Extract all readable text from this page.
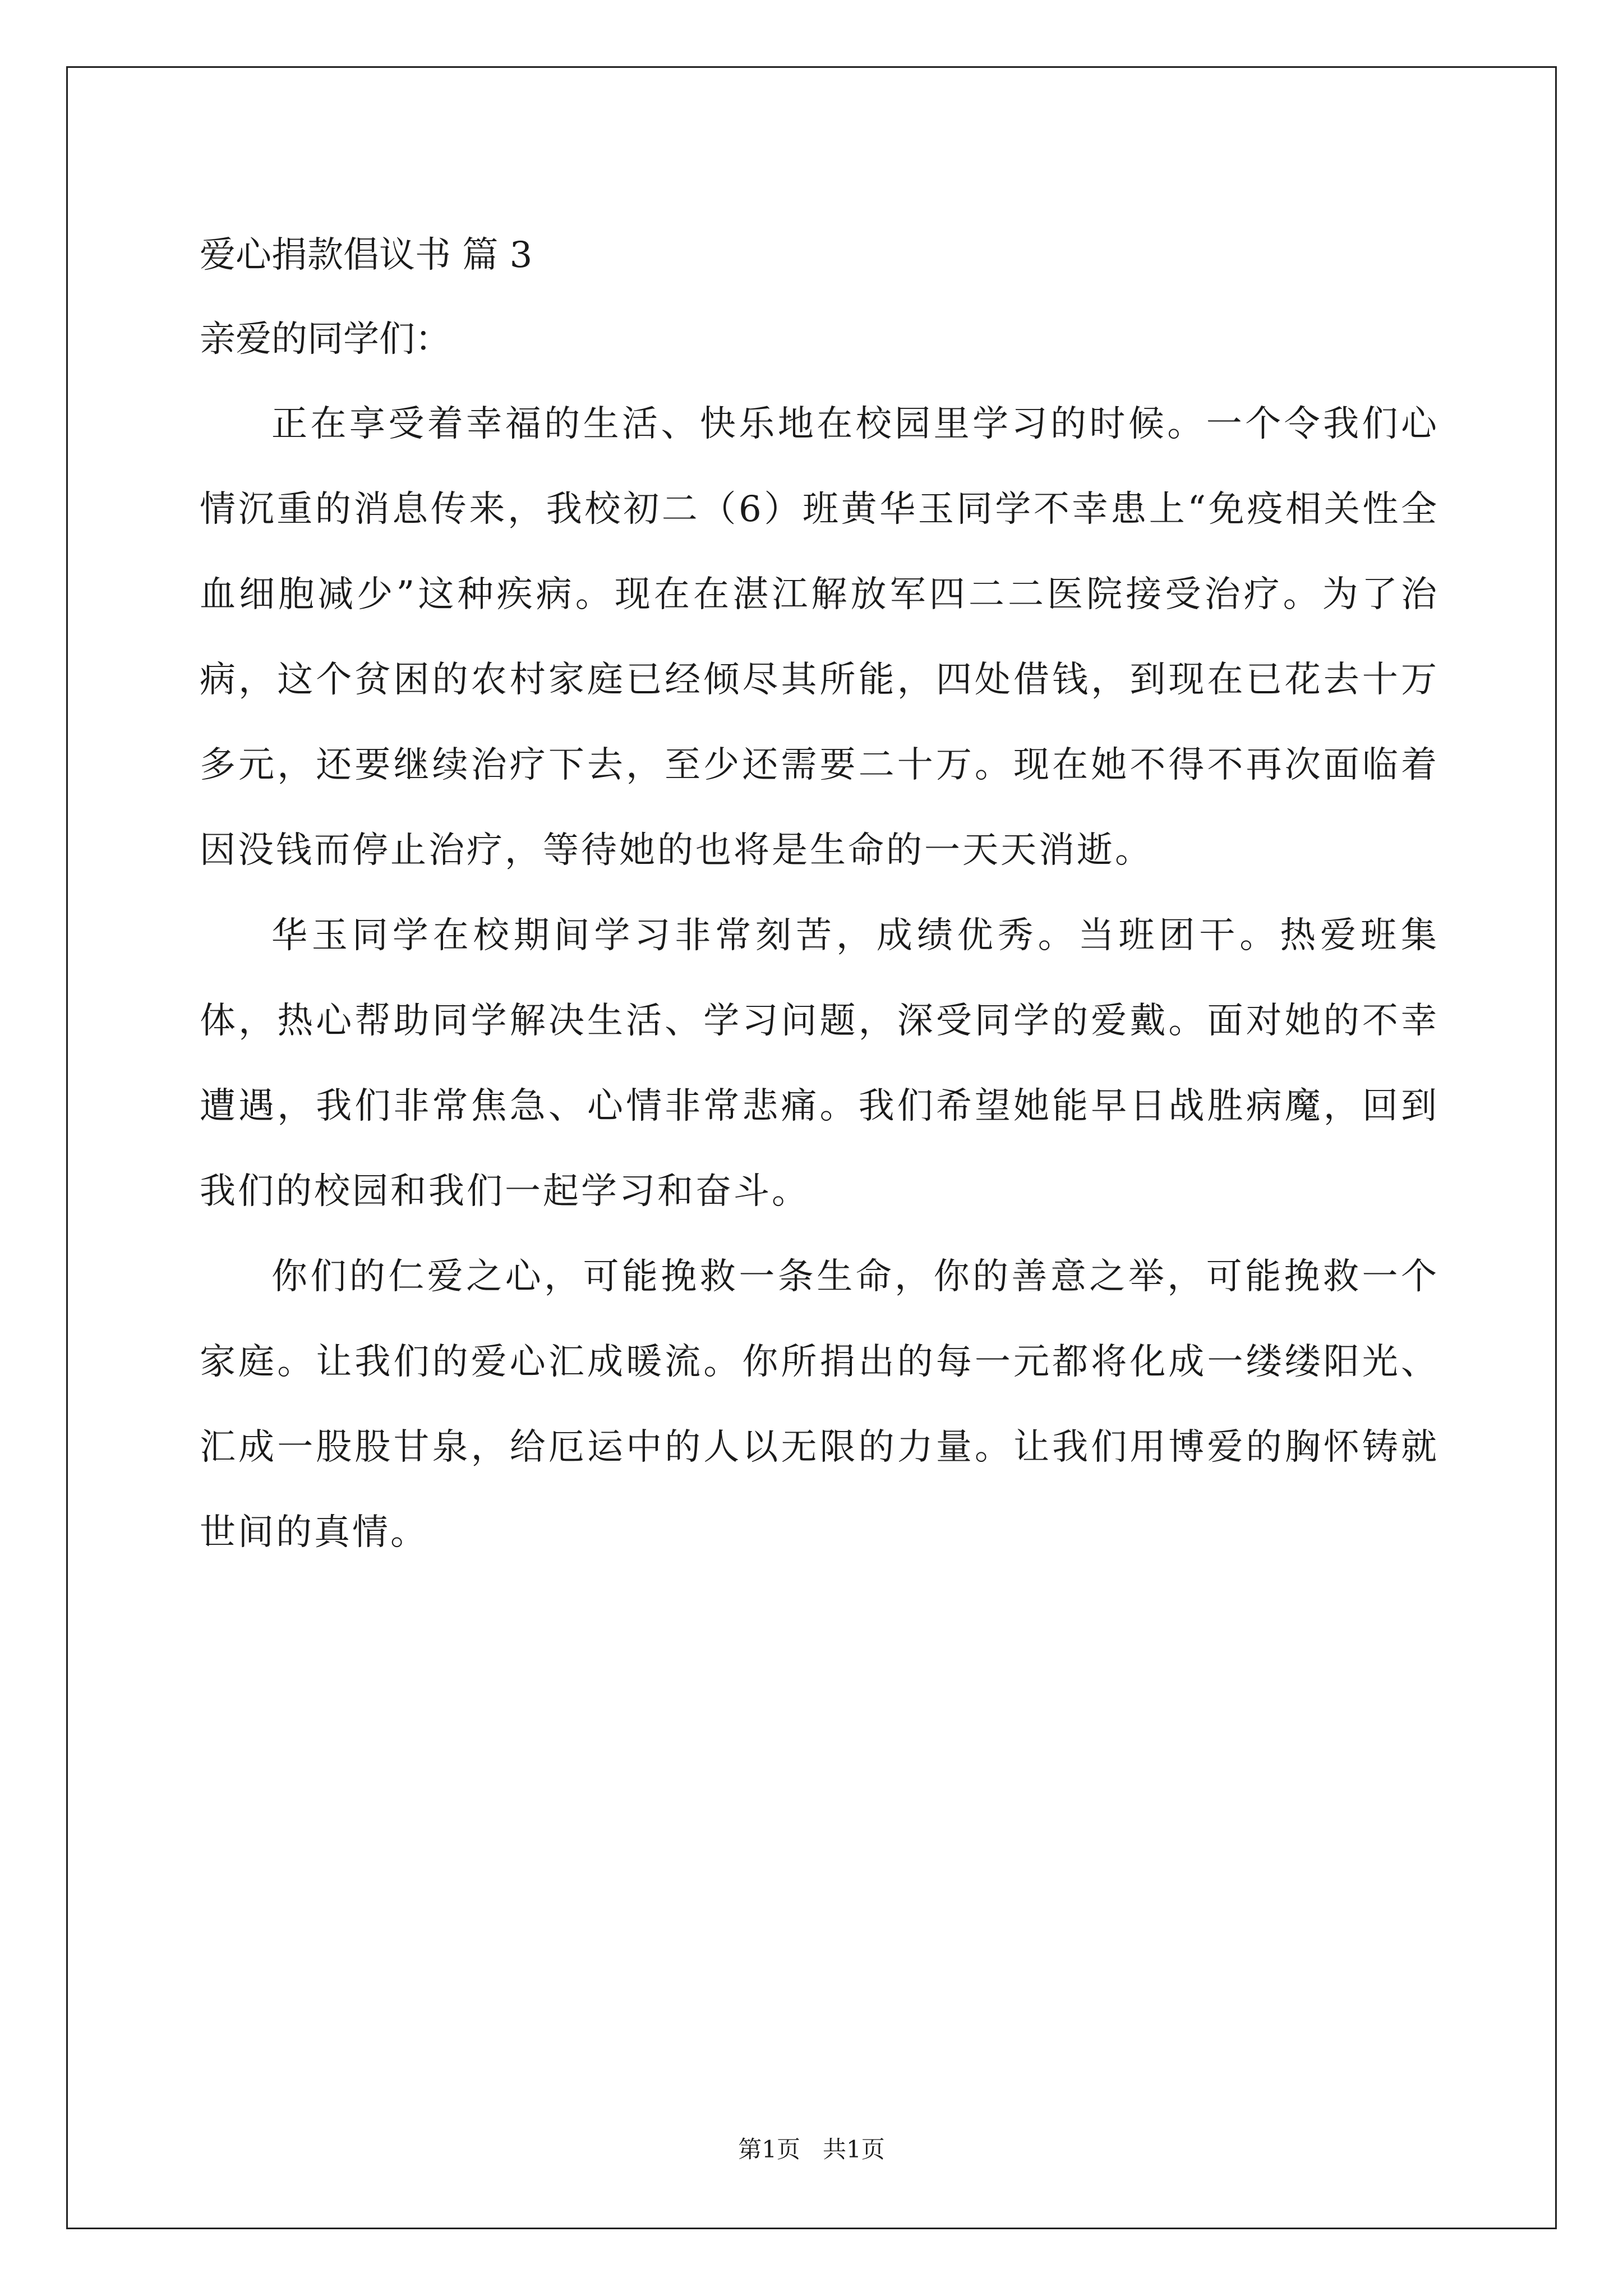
爱心捐款倡议书 篇 3

亲爱的同学们：

正在享受着幸福的生活、快乐地在校园里学习的时候。一个令我们心情沉重的消息传来，我校初二（6）班黄华玉同学不幸患上“免疫相关性全血细胞减少”这种疾病。现在在湛江解放军四二二医院接受治疗。为了治病，这个贫困的农村家庭已经倾尽其所能，四处借钱，到现在已花去十万多元，还要继续治疗下去，至少还需要二十万。现在她不得不再次面临着因没钱而停止治疗，等待她的也将是生命的一天天消逝。

华玉同学在校期间学习非常刻苦，成绩优秀。当班团干。热爱班集体，热心帮助同学解决生活、学习问题，深受同学的爱戴。面对她的不幸遭遇，我们非常焦急、心情非常悲痛。我们希望她能早日战胜病魔，回到我们的校园和我们一起学习和奋斗。

你们的仁爱之心，可能挽救一条生命，你的善意之举，可能挽救一个家庭。让我们的爱心汇成暖流。你所捐出的每一元都将化成一缕缕阳光、汇成一股股甘泉，给厄运中的人以无限的力量。让我们用博爱的胸怀铸就世间的真情。

第1页   共1页
